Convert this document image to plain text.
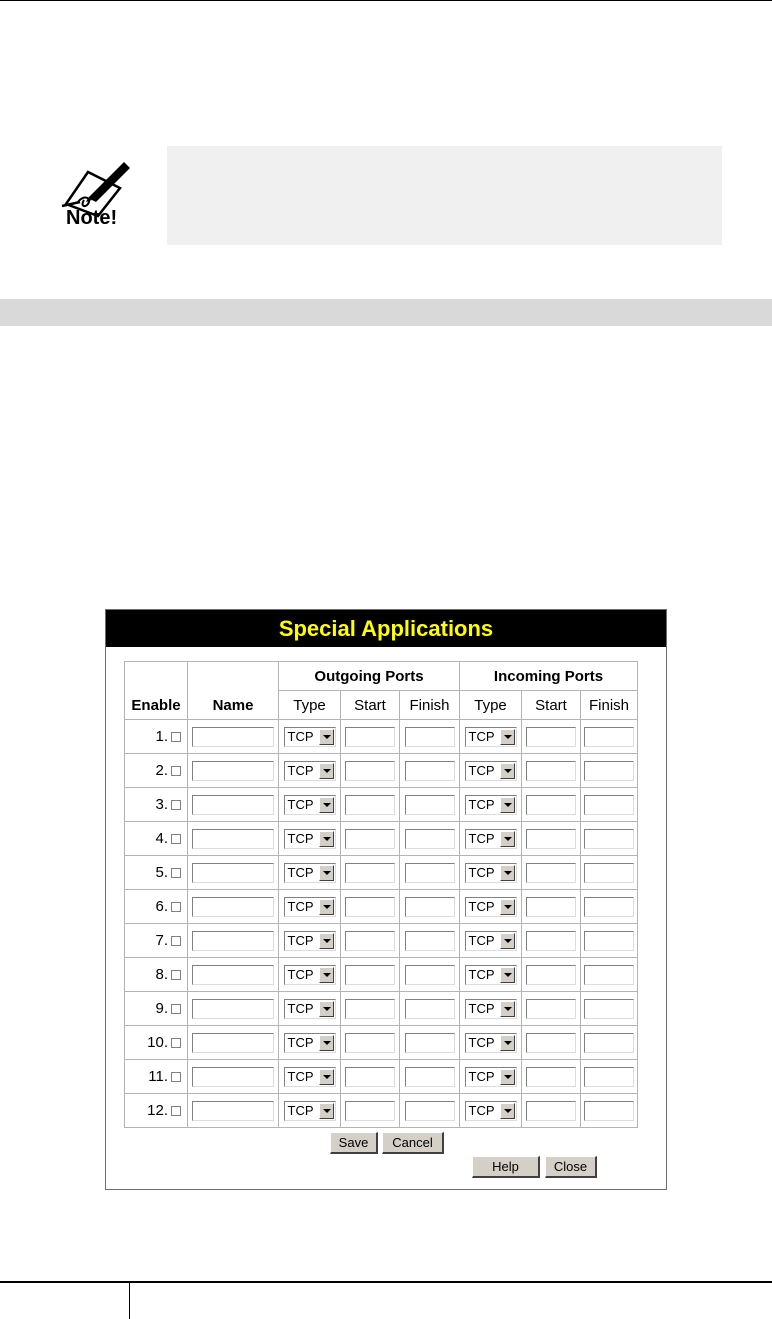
Note!
Special Applications
Enable	Name	Outgoing Ports			Incoming Ports		
		Type	Start	Finish	Type	Start	Finish
1.		TCP			TCP		

2.		TCP			TCP		

3.		TCP			TCP		

4.		TCP			TCP		

5.		TCP			TCP		

6.		TCP			TCP		

7.		TCP			TCP		

8.		TCP			TCP		

9.		TCP			TCP		

10.		TCP			TCP		

11.		TCP			TCP		

12.		TCP			TCP		

Save	Cancel
Help	Close
